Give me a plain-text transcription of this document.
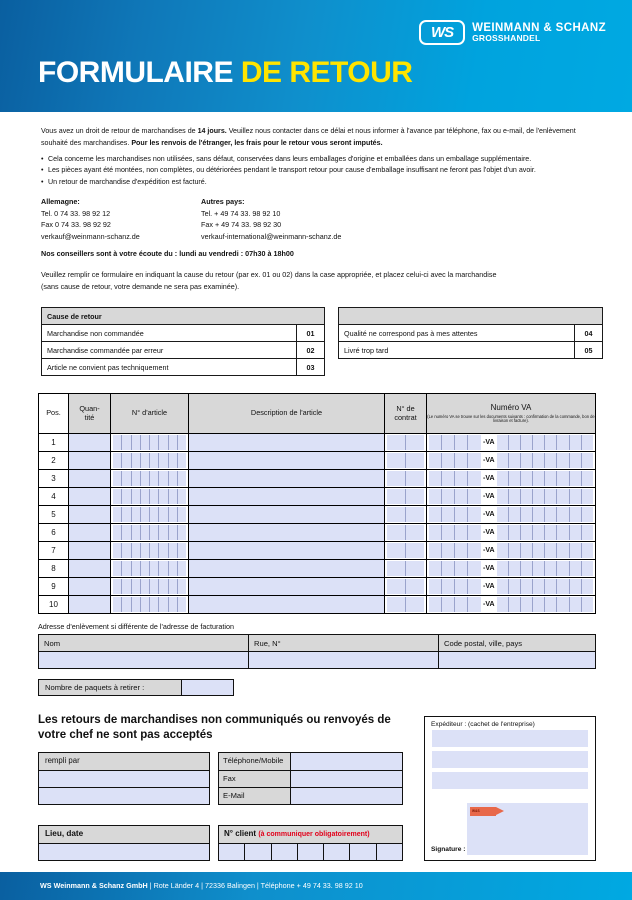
WS	WEINMANN & SCHANZ
GROSSHANDEL
FORMULAIRE DE RETOUR
Vous avez un droit de retour de marchandises de 14 jours. Veuillez nous contacter dans ce délai et nous informer à l'avance par téléphone, fax ou e-mail, de l'enlèvement souhaité des marchandises. Pour les renvois de l'étranger, les frais pour le retour vous seront imputés.
• Cela concerne les marchandises non utilisées, sans défaut, conservées dans leurs emballages d'origine et emballées dans un emballage supplémentaire.
• Les pièces ayant été montées, non complètes, ou détériorées pendant le transport retour pour cause d'emballage insuffisant ne feront pas l'objet d'un avoir.
• Un retour de marchandise d'expédition est facturé.
Allemagne:
Tel. 0 74 33. 98 92 12
Fax 0 74 33. 98 92 92
verkauf@weinmann-schanz.de
Autres pays:
Tel. + 49 74 33. 98 92 10
Fax + 49 74 33. 98 92 30
verkauf-international@weinmann-schanz.de
Nos conseillers sont à votre écoute du : lundi au vendredi : 07h30 à 18h00
Veuillez remplir ce formulaire en indiquant la cause du retour (par ex. 01 ou 02) dans la case appropriée, et placez celui-ci avec la marchandise
(sans cause de retour, votre demande ne sera pas examinée).
Cause de retour	
Marchandise non commandée	01
Marchandise commandée par erreur	02
Article ne convient pas techniquement	03

Qualité ne correspond pas à mes attentes	04
Livré trop tard	05
Pos.	Quan-
tité	N° d'article	Description de l'article	N° de
contrat	Numéro VA
(Le numéro VA se trouve sur les documents suivants : confirmation de la commande, bon de livraison et facture).

1					-VA

2					-VA

3					-VA

4					-VA

5					-VA

6					-VA

7					-VA

8					-VA

9					-VA

10					-VA
Adresse d'enlèvement si différente de l'adresse de facturation
Nom	Rue, N°	Code postal, ville, pays

Nombre de paquets à retirer :
Les retours de marchandises non communiqués ou renvoyés de votre chef ne sont pas acceptés
rempli par	Téléphone/Mobile
Fax
E-Mail
Lieu, date	N° client (à communiquer obligatoirement)
Expéditeur : (cachet de l'entreprise)
W&S
Signature :
WS Weinmann & Schanz GmbH | Rote Länder 4 | 72336 Balingen | Téléphone + 49 74 33. 98 92 10
